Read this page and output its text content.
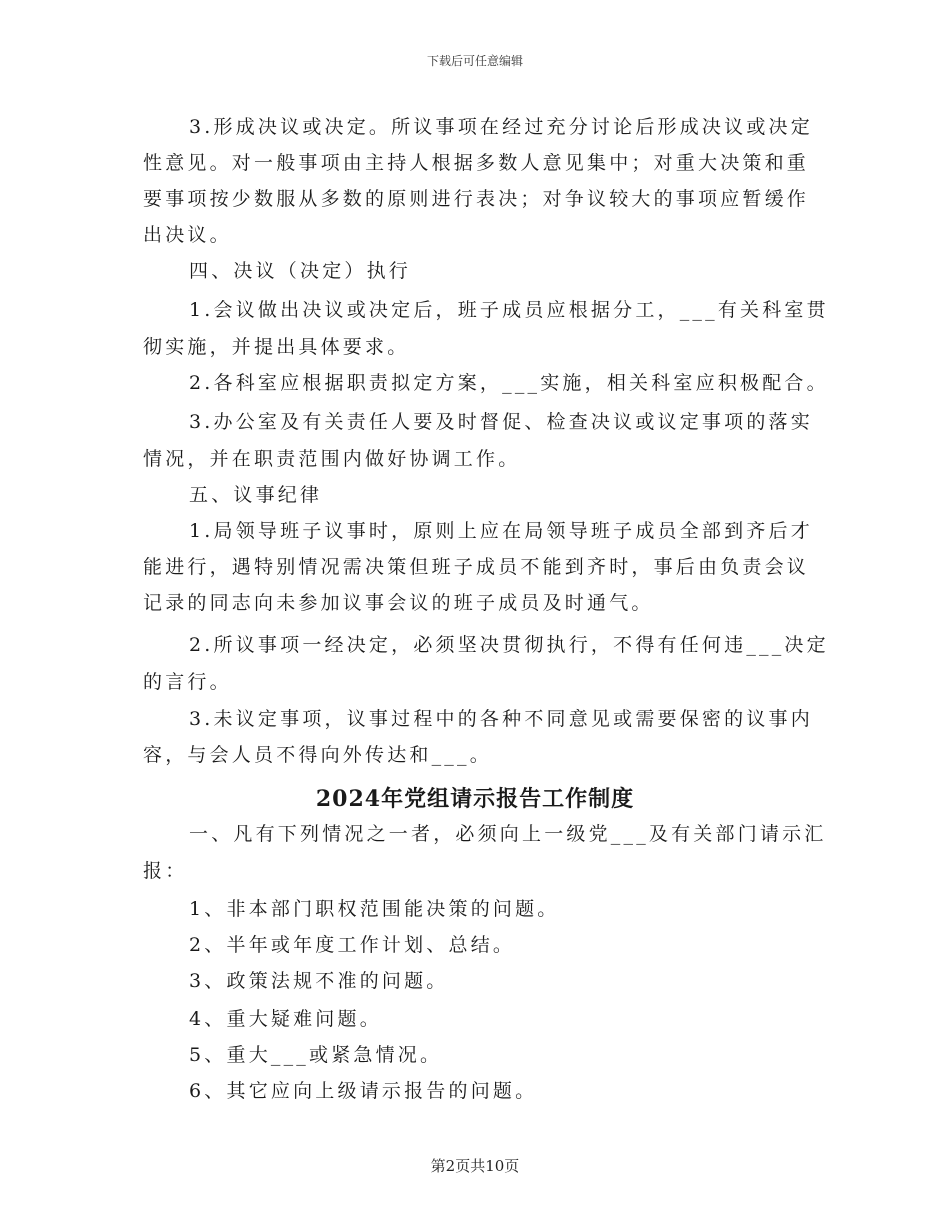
下载后可任意编辑
3.形成决议或决定。所议事项在经过充分讨论后形成决议或决定
性意见。对一般事项由主持人根据多数人意见集中；对重大决策和重
要事项按少数服从多数的原则进行表决；对争议较大的事项应暂缓作
出决议。
四、决议（决定）执行
1.会议做出决议或决定后，班子成员应根据分工，___有关科室贯
彻实施，并提出具体要求。
2.各科室应根据职责拟定方案，___实施，相关科室应积极配合。
3.办公室及有关责任人要及时督促、检查决议或议定事项的落实
情况，并在职责范围内做好协调工作。
五、议事纪律
1.局领导班子议事时，原则上应在局领导班子成员全部到齐后才
能进行，遇特别情况需决策但班子成员不能到齐时，事后由负责会议
记录的同志向未参加议事会议的班子成员及时通气。
2.所议事项一经决定，必须坚决贯彻执行，不得有任何违___决定
的言行。
3.未议定事项，议事过程中的各种不同意见或需要保密的议事内
容，与会人员不得向外传达和___。
2024年党组请示报告工作制度
一、凡有下列情况之一者，必须向上一级党___及有关部门请示汇
报：
1、非本部门职权范围能决策的问题。
2、半年或年度工作计划、总结。
3、政策法规不准的问题。
4、重大疑难问题。
5、重大___或紧急情况。
6、其它应向上级请示报告的问题。
第2页共10页
